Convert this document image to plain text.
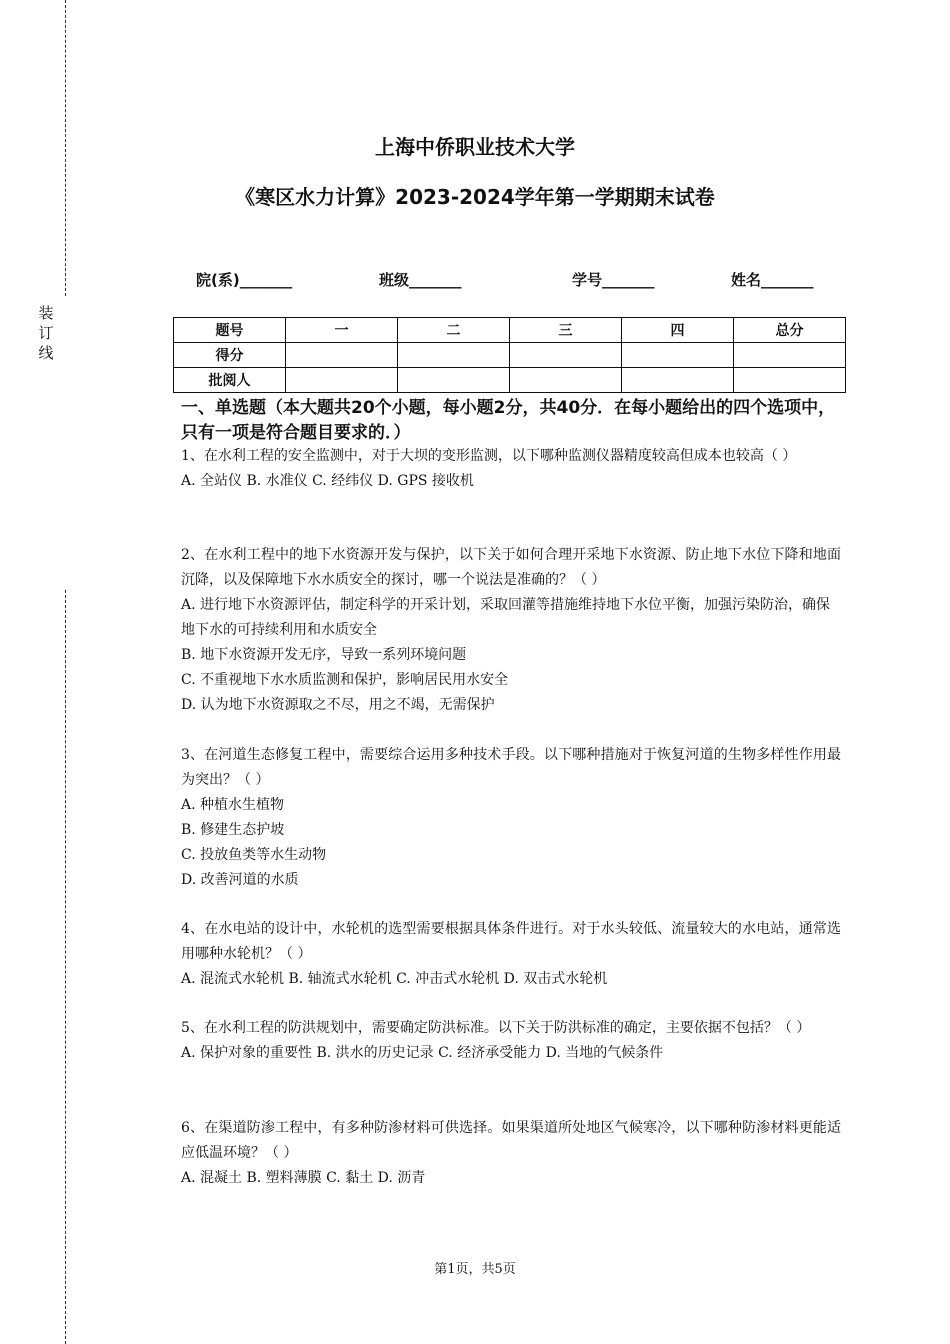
装订线
上海中侨职业技术大学
《寒区水力计算》2023-2024学年第一学期期末试卷
院(系)_______	班级_______	学号_______	姓名_______
题号	一	二	三	四	总分
得分					
批阅人					
一、单选题（本大题共20个小题，每小题2分，共40分．在每小题给出的四个选项中，只有一项是符合题目要求的．）
1、在水利工程的安全监测中，对于大坝的变形监测，以下哪种监测仪器精度较高但成本也较高（ ）
A. 全站仪 B. 水准仪 C. 经纬仪 D. GPS 接收机
2、在水利工程中的地下水资源开发与保护，以下关于如何合理开采地下水资源、防止地下水位下降和地面沉降，以及保障地下水水质安全的探讨，哪一个说法是准确的？（ ）
A. 进行地下水资源评估，制定科学的开采计划，采取回灌等措施维持地下水位平衡，加强污染防治，确保地下水的可持续利用和水质安全
B. 地下水资源开发无序，导致一系列环境问题
C. 不重视地下水水质监测和保护，影响居民用水安全
D. 认为地下水资源取之不尽，用之不竭，无需保护
3、在河道生态修复工程中，需要综合运用多种技术手段。以下哪种措施对于恢复河道的生物多样性作用最为突出？（ ）
A. 种植水生植物
B. 修建生态护坡
C. 投放鱼类等水生动物
D. 改善河道的水质
4、在水电站的设计中，水轮机的选型需要根据具体条件进行。对于水头较低、流量较大的水电站，通常选用哪种水轮机？（ ）
A. 混流式水轮机 B. 轴流式水轮机 C. 冲击式水轮机 D. 双击式水轮机
5、在水利工程的防洪规划中，需要确定防洪标准。以下关于防洪标准的确定，主要依据不包括？（ ）
A. 保护对象的重要性 B. 洪水的历史记录 C. 经济承受能力 D. 当地的气候条件
6、在渠道防渗工程中，有多种防渗材料可供选择。如果渠道所处地区气候寒冷，以下哪种防渗材料更能适应低温环境？（ ）
A. 混凝土 B. 塑料薄膜 C. 黏土 D. 沥青
第1页，共5页
